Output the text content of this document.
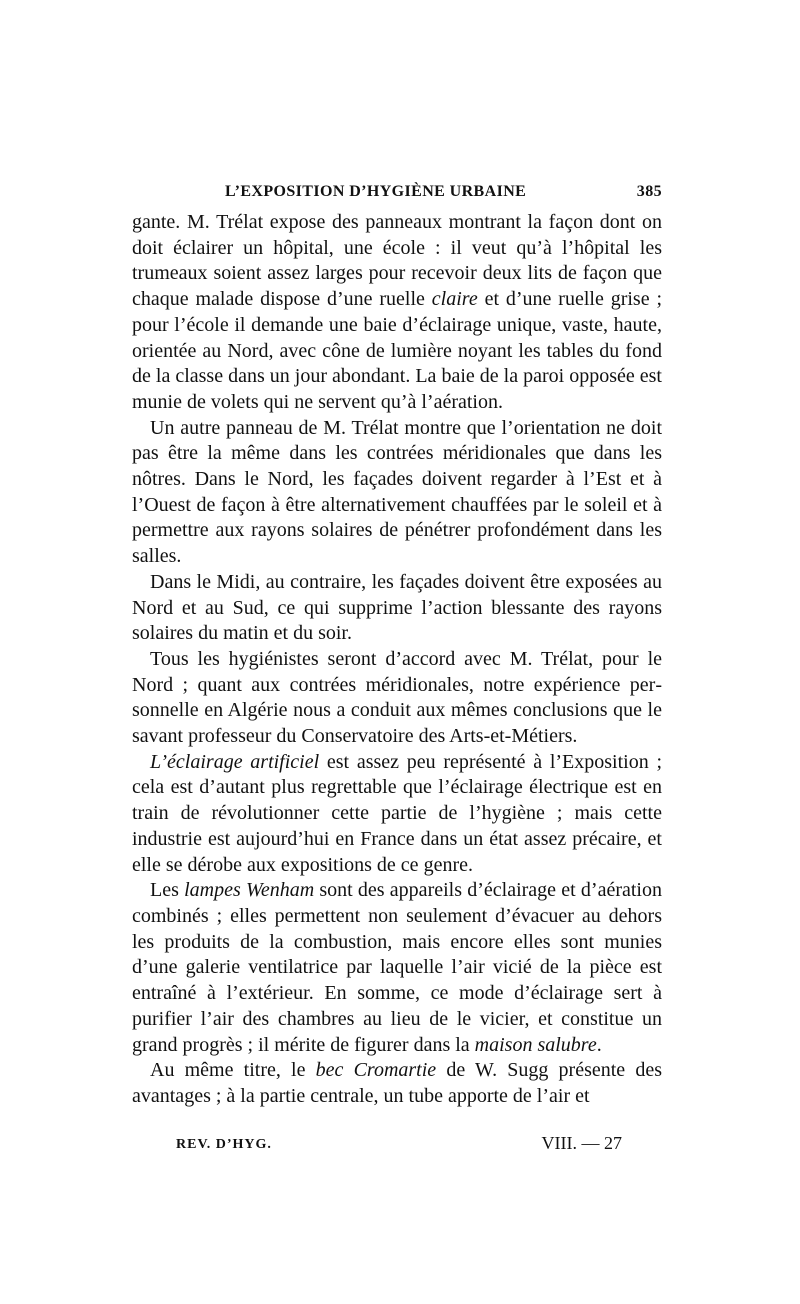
L’EXPOSITION D’HYGIÈNE URBAINE	385

gante. M. Trélat expose des panneaux montrant la façon dont on doit éclairer un hôpital, une école : il veut qu’à l’hôpital les trumeaux soient assez larges pour recevoir deux lits de façon que chaque malade dispose d’une ruelle claire et d’une ruelle grise ; pour l’école il demande une baie d’éclairage unique, vaste, haute, orientée au Nord, avec cône de lumière noyant les tables du fond de la classe dans un jour abondant. La baie de la paroi opposée est munie de volets qui ne servent qu’à l’aération.

Un autre panneau de M. Trélat montre que l’orientation ne doit pas être la même dans les contrées méridionales que dans les nôtres. Dans le Nord, les façades doivent regarder à l’Est et à l’Ouest de façon à être alternativement chauffées par le soleil et à permettre aux rayons solaires de pénétrer profondément dans les salles.

Dans le Midi, au contraire, les façades doivent être exposées au Nord et au Sud, ce qui supprime l’action blessante des rayons solaires du matin et du soir.

Tous les hygiénistes seront d’accord avec M. Trélat, pour le Nord ; quant aux contrées méridionales, notre expérience personnelle en Algérie nous a conduit aux mêmes conclusions que le savant professeur du Conservatoire des Arts-et-Métiers.

L’éclairage artificiel est assez peu représenté à l’Exposition ; cela est d’autant plus regrettable que l’éclairage électrique est en train de révolutionner cette partie de l’hygiène ; mais cette industrie est aujourd’hui en France dans un état assez précaire, et elle se dérobe aux expositions de ce genre.

Les lampes Wenham sont des appareils d’éclairage et d’aération combinés ; elles permettent non seulement d’évacuer au dehors les produits de la combustion, mais encore elles sont munies d’une galerie ventilatrice par laquelle l’air vicié de la pièce est entraîné à l’extérieur. En somme, ce mode d’éclairage sert à purifier l’air des chambres au lieu de le vicier, et constitue un grand progrès ; il mérite de figurer dans la maison salubre.

Au même titre, le bec Cromartie de W. Sugg présente des avantages ; à la partie centrale, un tube apporte de l’air et

REV. D’HYG.	VIII. — 27
